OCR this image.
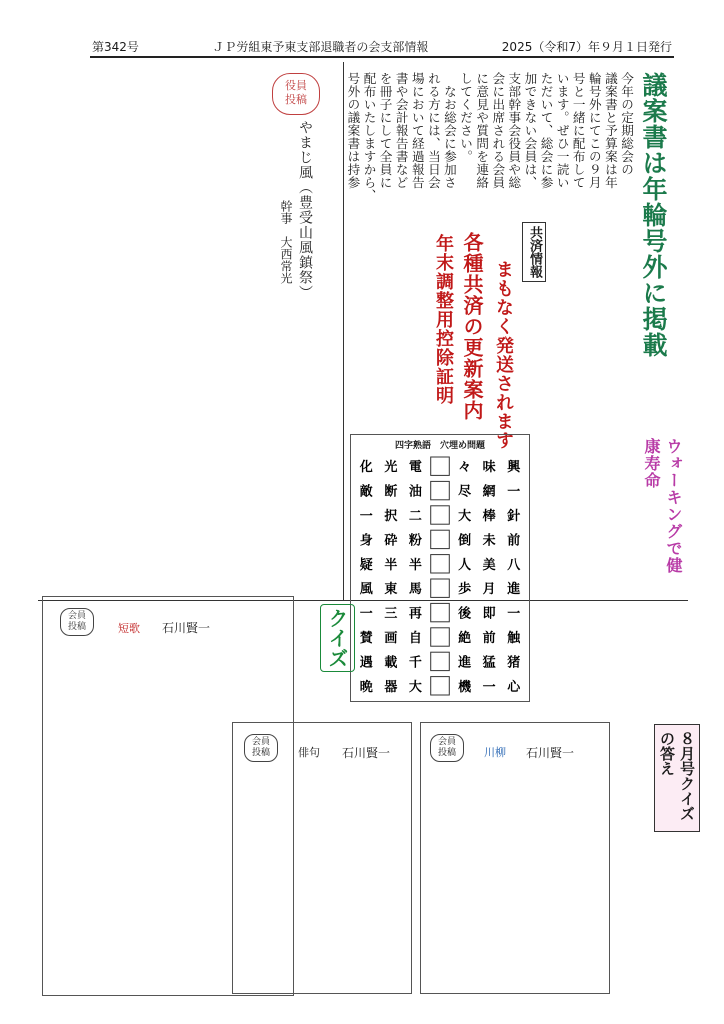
第342号	ＪＰ労組東予東支部退職者の会支部情報	2025（令和7）年９月１日発行
議案書は年輪号外に掲載
今年の定期総会の
議案書と予算案は年
輪号外にてこの９月
号と一緒に配布して
います。ぜひ一読い
ただいて、総会に参
加できない会員は、
支部幹事会役員や総
会に出席される会員
に意見や質問を連絡
してください。
　なお総会に参加さ
れる方には、当日会
場において経過報告
書や会計報告書など
を冊子にして全員に
配布いたしますから、
号外の議案書は持参
役員
投稿
やまじ風（豊受山風鎮祭）
幹事　大西常光	共済情報
各種共済の更新案内
年末調整用控除証明 まもなく発送されます
ウォーキングで健康寿命
四字熟語　穴埋め問題
化 光 電	々 味 興
敵 断 油	尽 網 一
一 択 二	大 棒 針
身 砕 粉	倒 未 前
疑 半 半	人 美 八
風 東 馬	歩 月 進
一 三 再	後 即 一
賛 画 自	絶 前 触
遇 載 千	進 猛 猪
晩 器 大	機 一 心
クイズ
８月号クイズの答え
会員
投稿	短歌 石川賢一
会員
投稿	俳句 石川賢一
会員
投稿	川柳 石川賢一
